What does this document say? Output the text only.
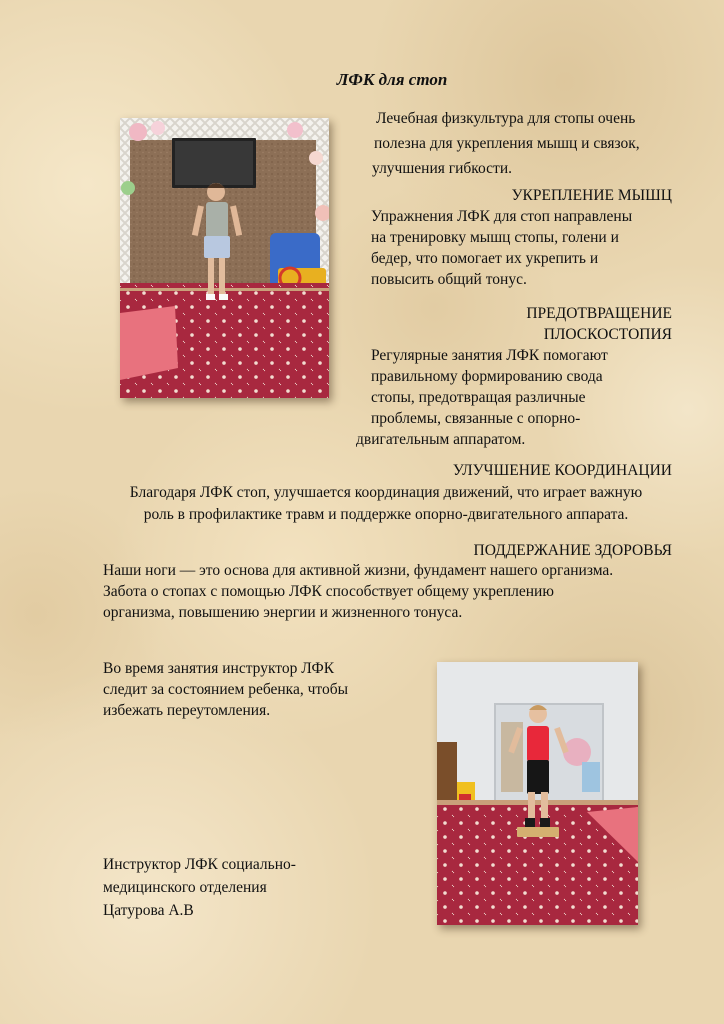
ЛФК для стоп
Лечебная физкультура для стопы очень
полезна для укрепления мышц и связок,
улучшения гибкости.
УКРЕПЛЕНИЕ МЫШЦ
Упражнения ЛФК для стоп направлены
на тренировку мышц стопы, голени и
бедер, что помогает их укрепить и
повысить общий тонус.
ПРЕДОТВРАЩЕНИЕ
ПЛОСКОСТОПИЯ
Регулярные занятия ЛФК помогают
правильному формированию свода
стопы, предотвращая различные
проблемы, связанные с опорно-
двигательным аппаратом.
УЛУЧШЕНИЕ КООРДИНАЦИИ
Благодаря ЛФК стоп, улучшается координация движений, что играет важную
роль в профилактике травм и поддержке опорно-двигательного аппарата.
ПОДДЕРЖАНИЕ ЗДОРОВЬЯ
Наши ноги — это основа для активной жизни, фундамент нашего организма.
Забота о стопах с помощью ЛФК способствует общему укреплению
организма, повышению энергии и жизненного тонуса.
Во время занятия инструктор ЛФК
следит за состоянием ребенка, чтобы
избежать переутомления.
Инструктор ЛФК социально-
медицинского отделения
Цатурова А.В
